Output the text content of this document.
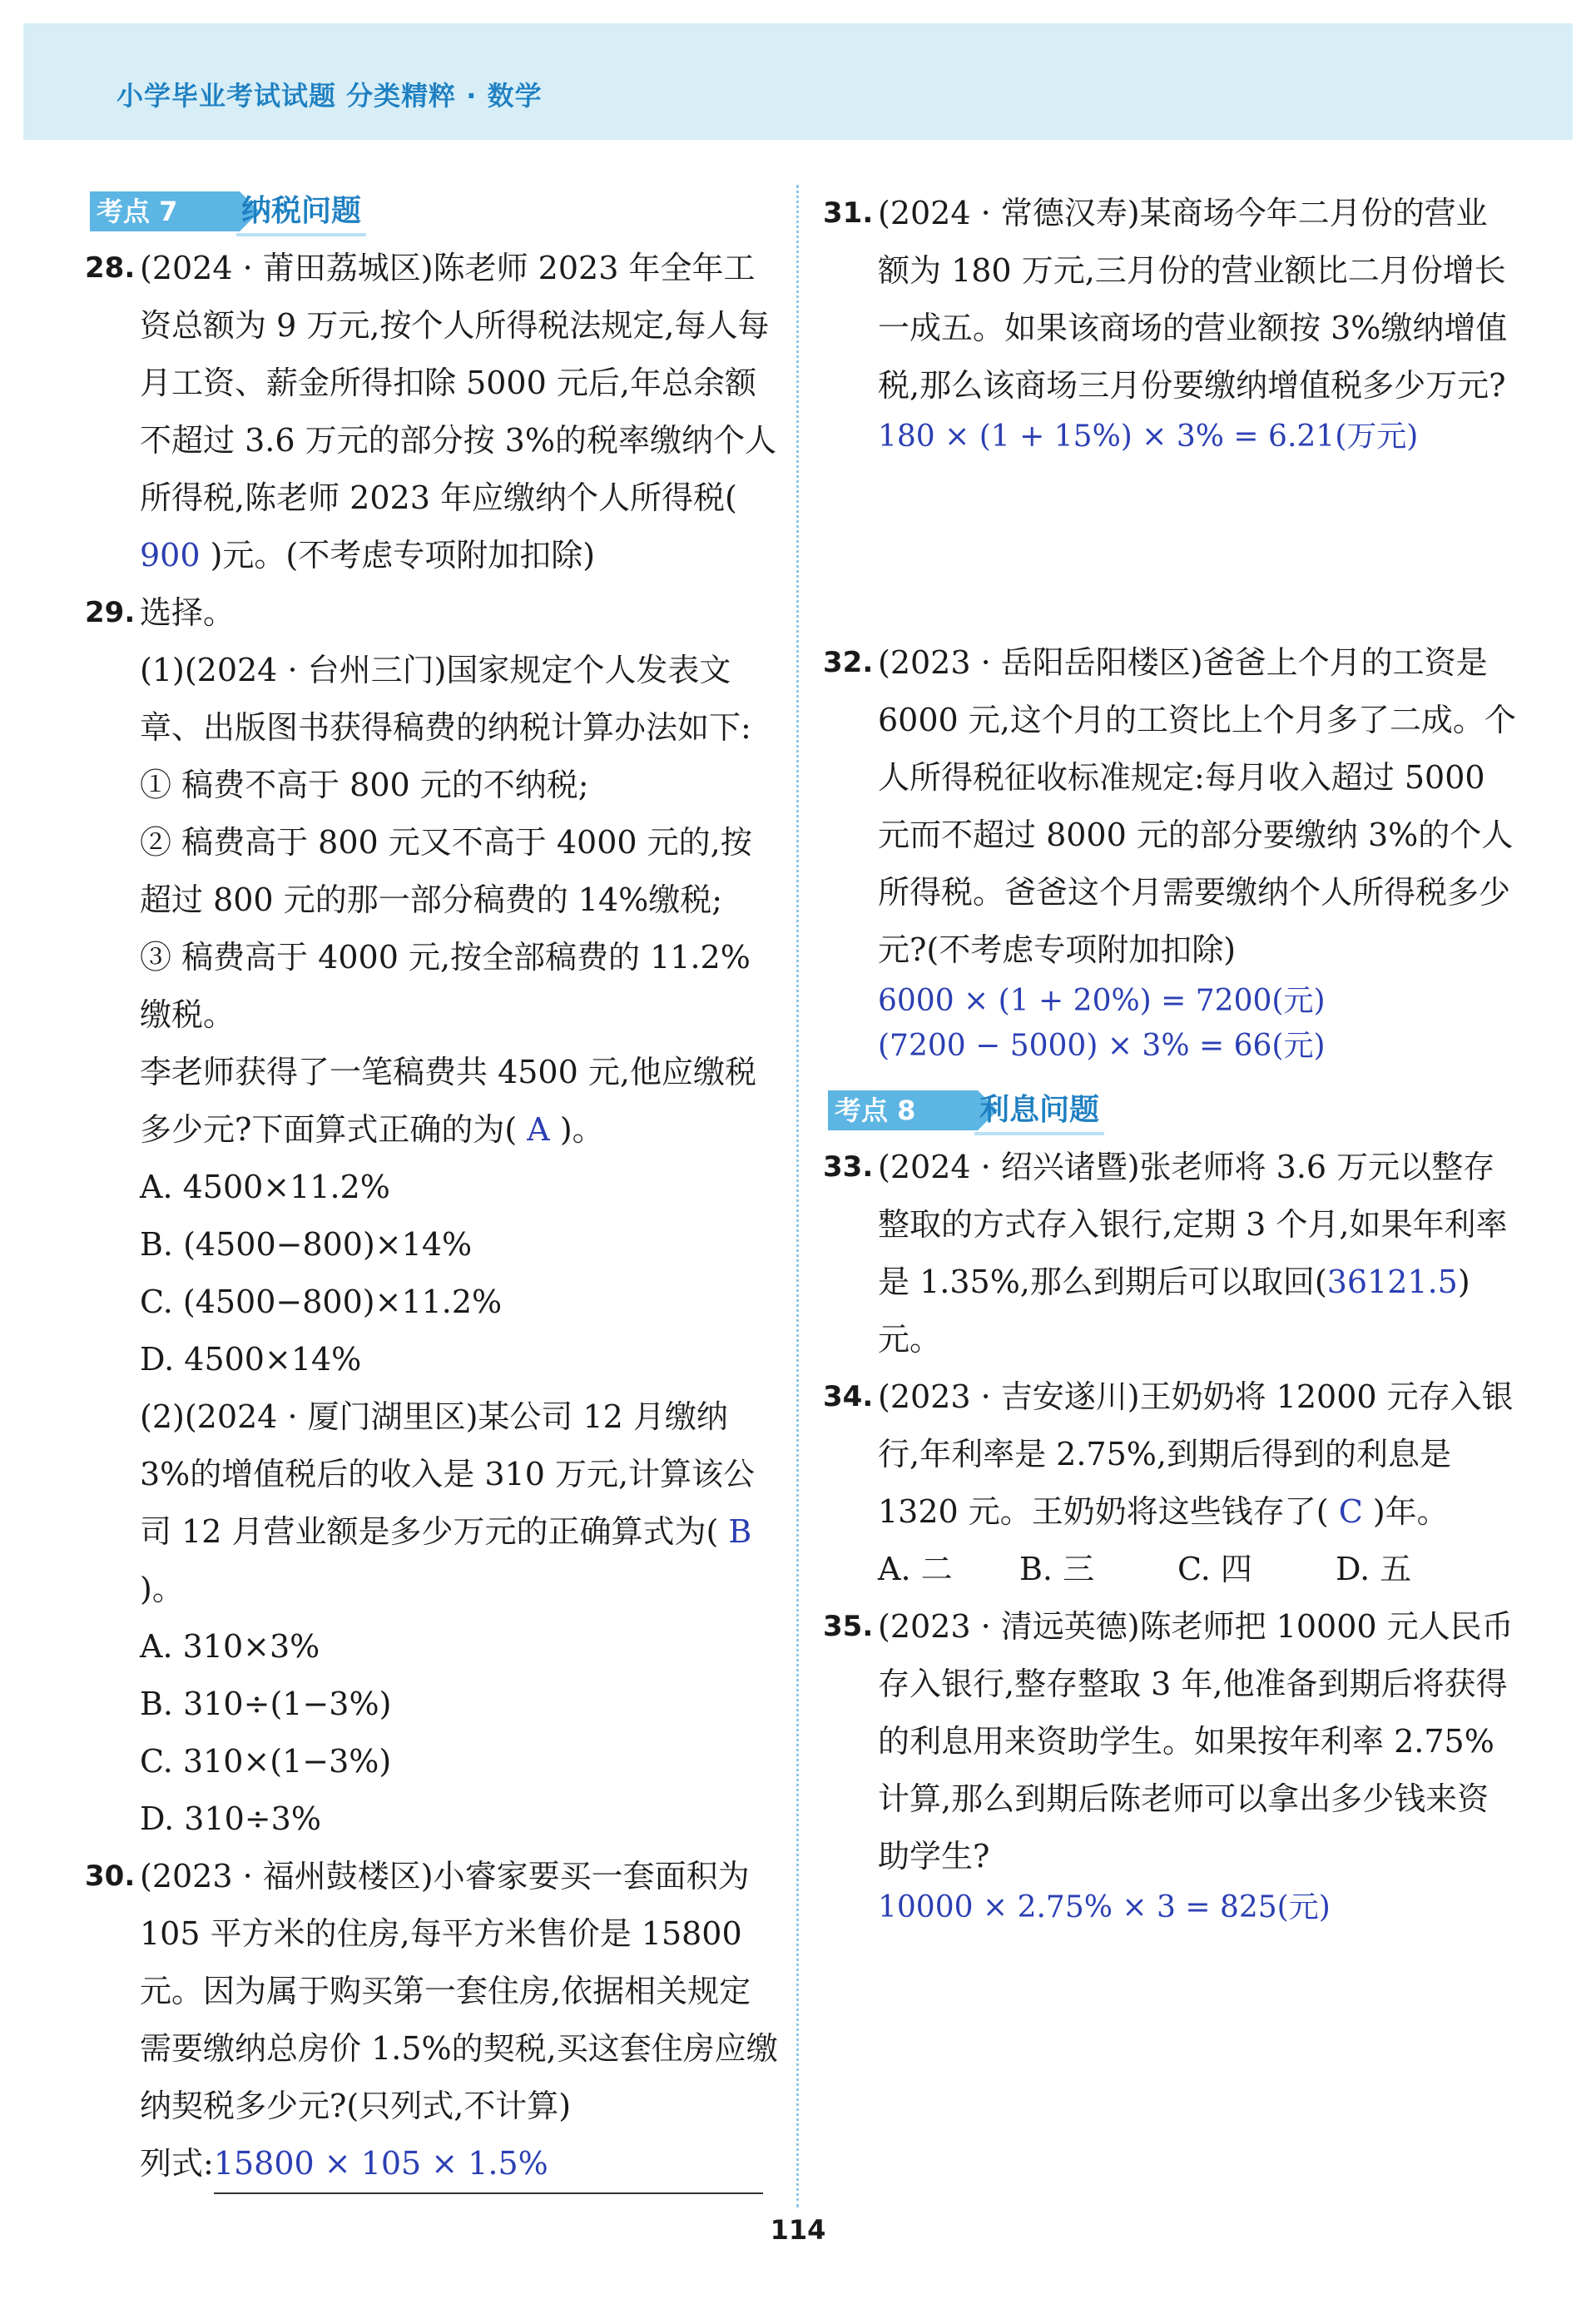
小学毕业考试试题 分类精粹 · 数学
考点 7	纳税问题
28. (2024 · 莆田荔城区)陈老师 2023 年全年工资总额为 9 万元,按个人所得税法规定,每人每月工资、薪金所得扣除 5000 元后,年总余额不超过 3.6 万元的部分按 3%的税率缴纳个人所得税,陈老师 2023 年应缴纳个人所得税( 900 )元。(不考虑专项附加扣除)

29. 选择。

(1)(2024 · 台州三门)国家规定个人发表文章、出版图书获得稿费的纳税计算办法如下:

① 稿费不高于 800 元的不纳税;

② 稿费高于 800 元又不高于 4000 元的,按超过 800 元的那一部分稿费的 14%缴税;

③ 稿费高于 4000 元,按全部稿费的 11.2%缴税。

李老师获得了一笔稿费共 4500 元,他应缴税多少元?下面算式正确的为( A )。

A. 4500×11.2%

B. (4500−800)×14%

C. (4500−800)×11.2%

D. 4500×14%

(2)(2024 · 厦门湖里区)某公司 12 月缴纳 3%的增值税后的收入是 310 万元,计算该公司 12 月营业额是多少万元的正确算式为( B )。

A. 310×3%

B. 310÷(1−3%)

C. 310×(1−3%)

D. 310÷3%

30. (2023 · 福州鼓楼区)小睿家要买一套面积为 105 平方米的住房,每平方米售价是 15800 元。因为属于购买第一套住房,依据相关规定需要缴纳总房价 1.5%的契税,买这套住房应缴纳契税多少元?(只列式,不计算)

列式:15800 × 105 × 1.5%

31. (2024 · 常德汉寿)某商场今年二月份的营业额为 180 万元,三月份的营业额比二月份增长一成五。如果该商场的营业额按 3%缴纳增值税,那么该商场三月份要缴纳增值税多少万元?

180 × (1 + 15%) × 3% = 6.21(万元)

32. (2023 · 岳阳岳阳楼区)爸爸上个月的工资是 6000 元,这个月的工资比上个月多了二成。个人所得税征收标准规定:每月收入超过 5000 元而不超过 8000 元的部分要缴纳 3%的个人所得税。爸爸这个月需要缴纳个人所得税多少元?(不考虑专项附加扣除)

6000 × (1 + 20%) = 7200(元)

(7200 − 5000) × 3% = 66(元)

考点 8	利息问题
33. (2024 · 绍兴诸暨)张老师将 3.6 万元以整存整取的方式存入银行,定期 3 个月,如果年利率是 1.35%,那么到期后可以取回(36121.5)元。

34. (2023 · 吉安遂川)王奶奶将 12000 元存入银行,年利率是 2.75%,到期后得到的利息是 1320 元。王奶奶将这些钱存了( C )年。

A. 二 B. 三	C. 四	D. 五

35. (2023 · 清远英德)陈老师把 10000 元人民币存入银行,整存整取 3 年,他准备到期后将获得的利息用来资助学生。如果按年利率 2.75%计算,那么到期后陈老师可以拿出多少钱来资助学生?

10000 × 2.75% × 3 = 825(元)

114
